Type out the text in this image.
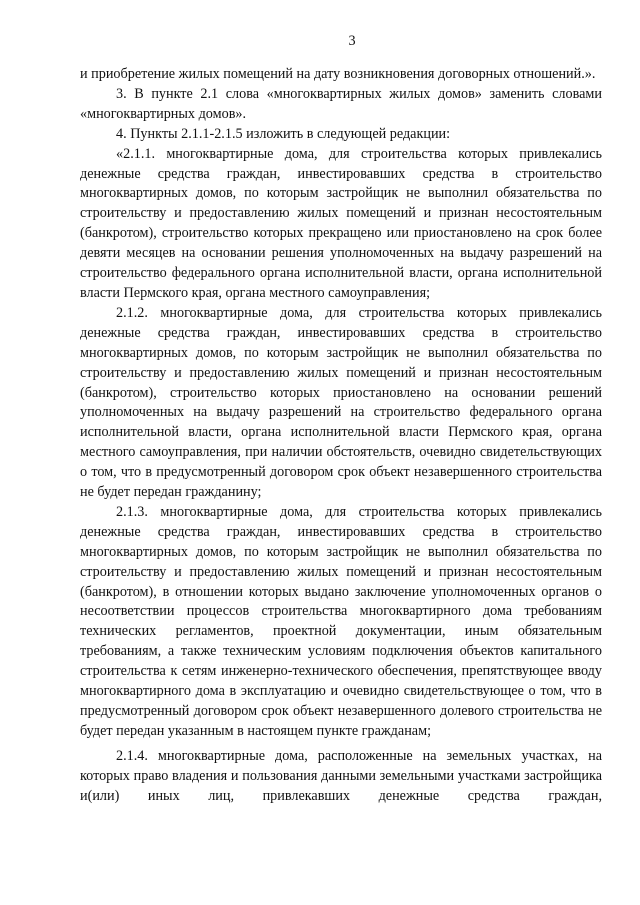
3

и приобретение жилых помещений на дату возникновения договорных отношений.».

3. В пункте 2.1 слова «многоквартирных жилых домов» заменить словами «многоквартирных домов».

4. Пункты 2.1.1-2.1.5 изложить в следующей редакции:

«2.1.1. многоквартирные дома, для строительства которых привлекались денежные средства граждан, инвестировавших средства в строительство многоквартирных домов, по которым застройщик не выполнил обязательства по строительству и предоставлению жилых помещений и признан несостоятельным (банкротом), строительство которых прекращено или приостановлено на срок более девяти месяцев на основании решения уполномоченных на выдачу разрешений на строительство федерального органа исполнительной власти, органа исполнительной власти Пермского края, органа местного самоуправления;

2.1.2. многоквартирные дома, для строительства которых привлекались денежные средства граждан, инвестировавших средства в строительство многоквартирных домов, по которым застройщик не выполнил обязательства по строительству и предоставлению жилых помещений и признан несостоятельным (банкротом), строительство которых приостановлено на основании решений уполномоченных на выдачу разрешений на строительство федерального органа исполнительной власти, органа исполнительной власти Пермского края, органа местного самоуправления, при наличии обстоятельств, очевидно свидетельствующих о том, что в предусмотренный договором срок объект незавершенного строительства не будет передан гражданину;

2.1.3. многоквартирные дома, для строительства которых привлекались денежные средства граждан, инвестировавших средства в строительство многоквартирных домов, по которым застройщик не выполнил обязательства по строительству и предоставлению жилых помещений и признан несостоятельным (банкротом), в отношении которых выдано заключение уполномоченных органов о несоответствии процессов строительства многоквартирного дома требованиям технических регламентов, проектной документации, иным обязательным требованиям, а также техническим условиям подключения объектов капитального строительства к сетям инженерно-технического обеспечения, препятствующее вводу многоквартирного дома в эксплуатацию и очевидно свидетельствующее о том, что в предусмотренный договором срок объект незавершенного долевого строительства не будет передан указанным в настоящем пункте гражданам;

2.1.4. многоквартирные дома, расположенные на земельных участках, на которых право владения и пользования данными земельными участками застройщика и(или) иных лиц, привлекавших денежные средства граждан,
